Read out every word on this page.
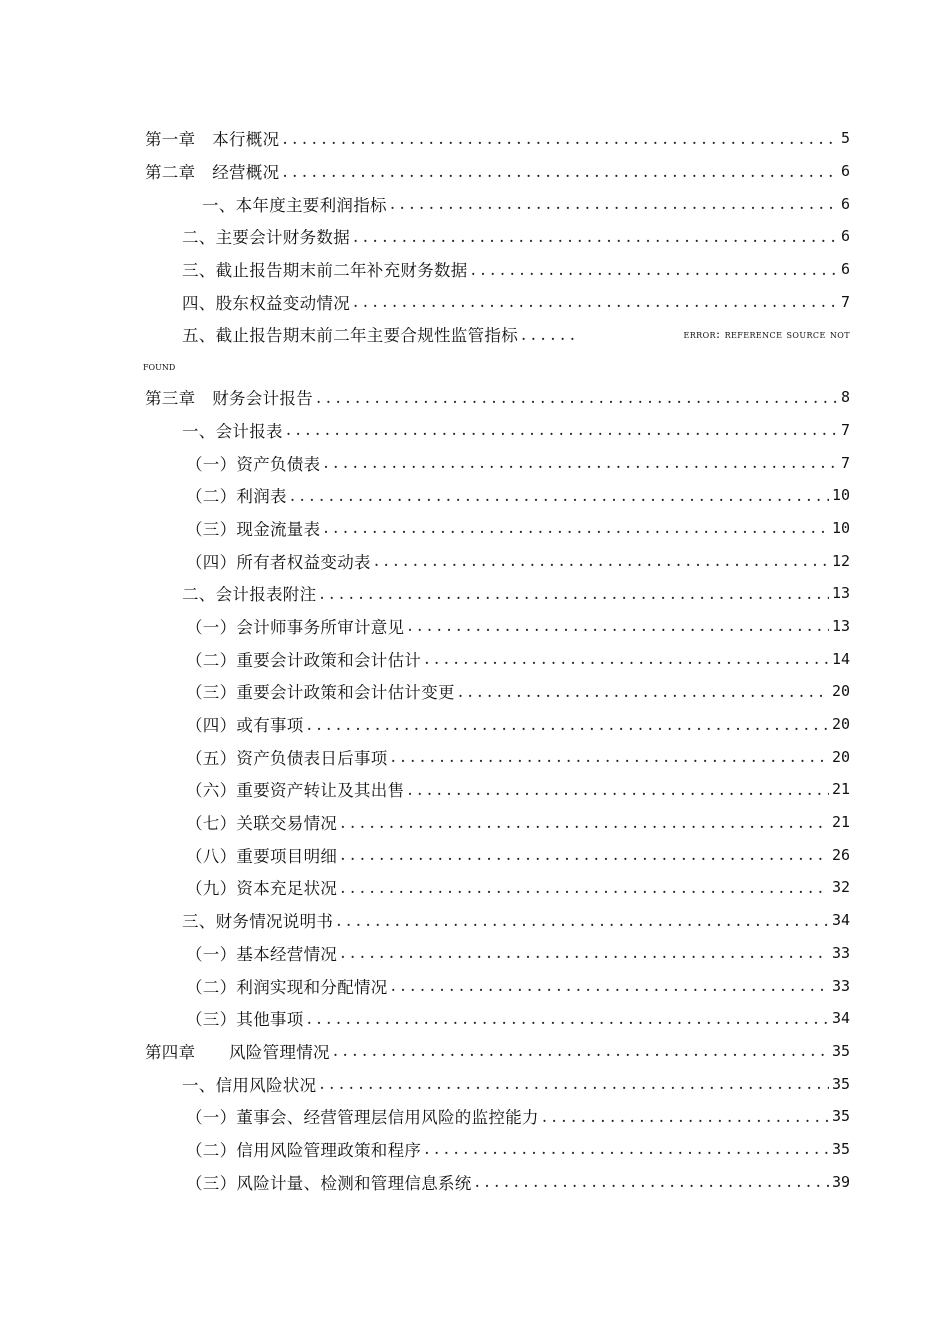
第一章　本行概况 .....	5
第二章　经营概况 .....	6
一、本年度主要利润指标 .....	6
二、主要会计财务数据 .....	6
三、截止报告期末前二年补充财务数据 .....	6
四、股东权益变动情况 .....	7
五、截止报告期末前二年主要合规性监管指标 .....	error: reference source not
found
第三章　财务会计报告 .....	8
一、会计报表 .....	7
（一）资产负债表 .....	7
（二）利润表 .....	10
（三）现金流量表 .....	10
（四）所有者权益变动表 .....	12
二、会计报表附注 .....	13
（一）会计师事务所审计意见 .....	13
（二）重要会计政策和会计估计 .....	14
（三）重要会计政策和会计估计变更 .....	20
（四）或有事项 .....	20
（五）资产负债表日后事项 .....	20
（六）重要资产转让及其出售 .....	21
（七）关联交易情况 .....	21
（八）重要项目明细 .....	26
（九）资本充足状况 .....	32
三、财务情况说明书 .....	34
（一）基本经营情况 .....	33
（二）利润实现和分配情况 .....	33
（三）其他事项 .....	34
第四章　　风险管理情况 .....	35
一、信用风险状况 .....	35
（一）董事会、经营管理层信用风险的监控能力 .....	35
（二）信用风险管理政策和程序 .....	35
（三）风险计量、检测和管理信息系统 .....	39
